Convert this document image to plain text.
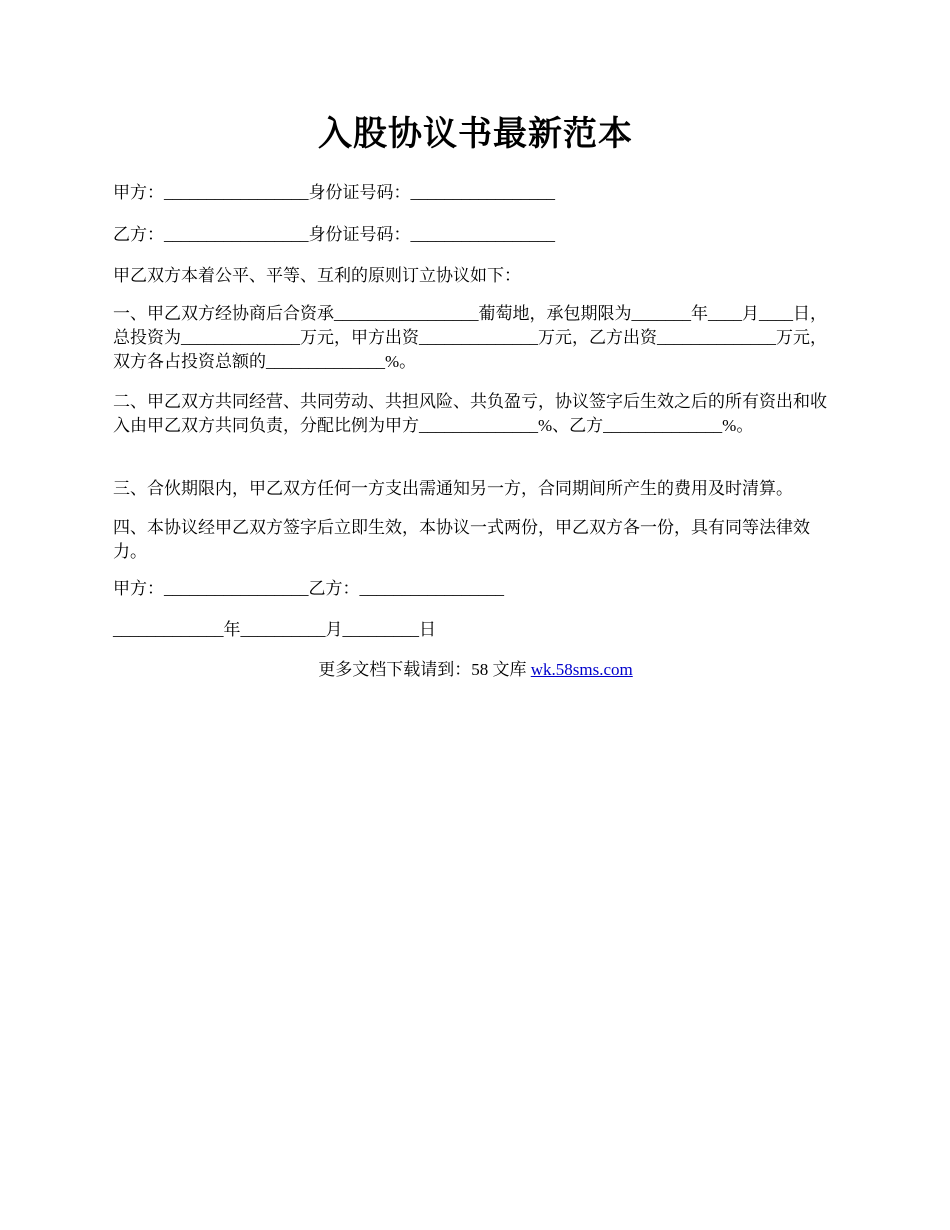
入股协议书最新范本
甲方：_________________身份证号码：_________________
乙方：_________________身份证号码：_________________
甲乙双方本着公平、平等、互利的原则订立协议如下：
一、甲乙双方经协商后合资承_________________葡萄地，承包期限为_______年____月____日，总投资为______________万元，甲方出资______________万元，乙方出资______________万元，双方各占投资总额的______________%。
二、甲乙双方共同经营、共同劳动、共担风险、共负盈亏，协议签字后生效之后的所有资出和收入由甲乙双方共同负责，分配比例为甲方______________%、乙方______________%。
三、合伙期限内，甲乙双方任何一方支出需通知另一方，合同期间所产生的费用及时清算。
四、本协议经甲乙双方签字后立即生效，本协议一式两份，甲乙双方各一份，具有同等法律效力。
甲方：_________________乙方：_________________
_____________年__________月_________日
更多文档下载请到：58 文库 wk.58sms.com
